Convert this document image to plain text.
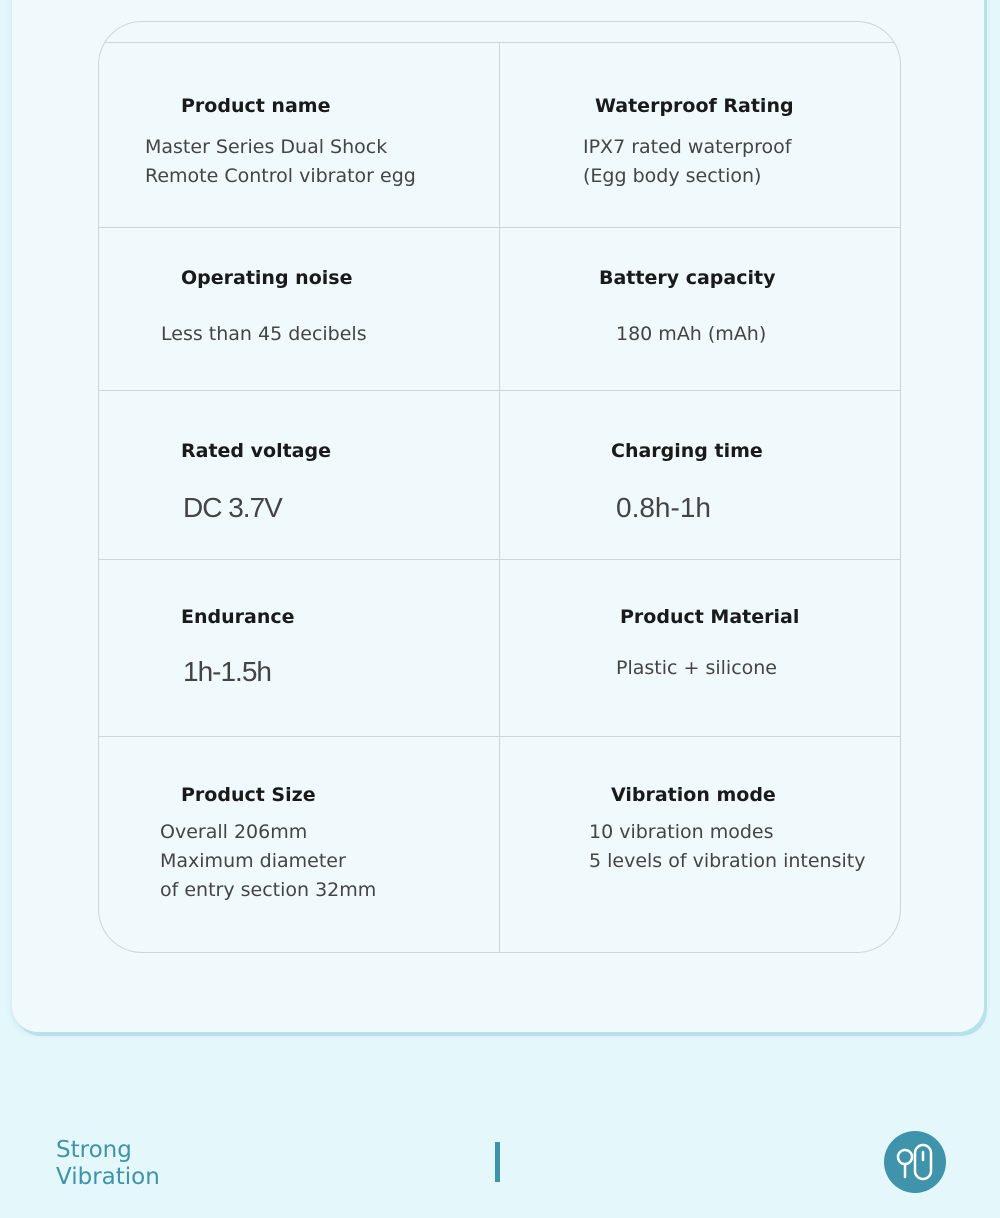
Product name
Master Series Dual Shock
Remote Control vibrator egg
Waterproof Rating
IPX7 rated waterproof
(Egg body section)
Operating noise
Less than 45 decibels
Battery capacity
180 mAh (mAh)
Rated voltage
DC 3.7V
Charging time
0.8h-1h
Endurance
1h-1.5h
Product Material
Plastic + silicone
Product Size
Overall 206mm
Maximum diameter
of entry section 32mm
Vibration mode
10 vibration modes
5 levels of vibration intensity
Strong
Vibration
